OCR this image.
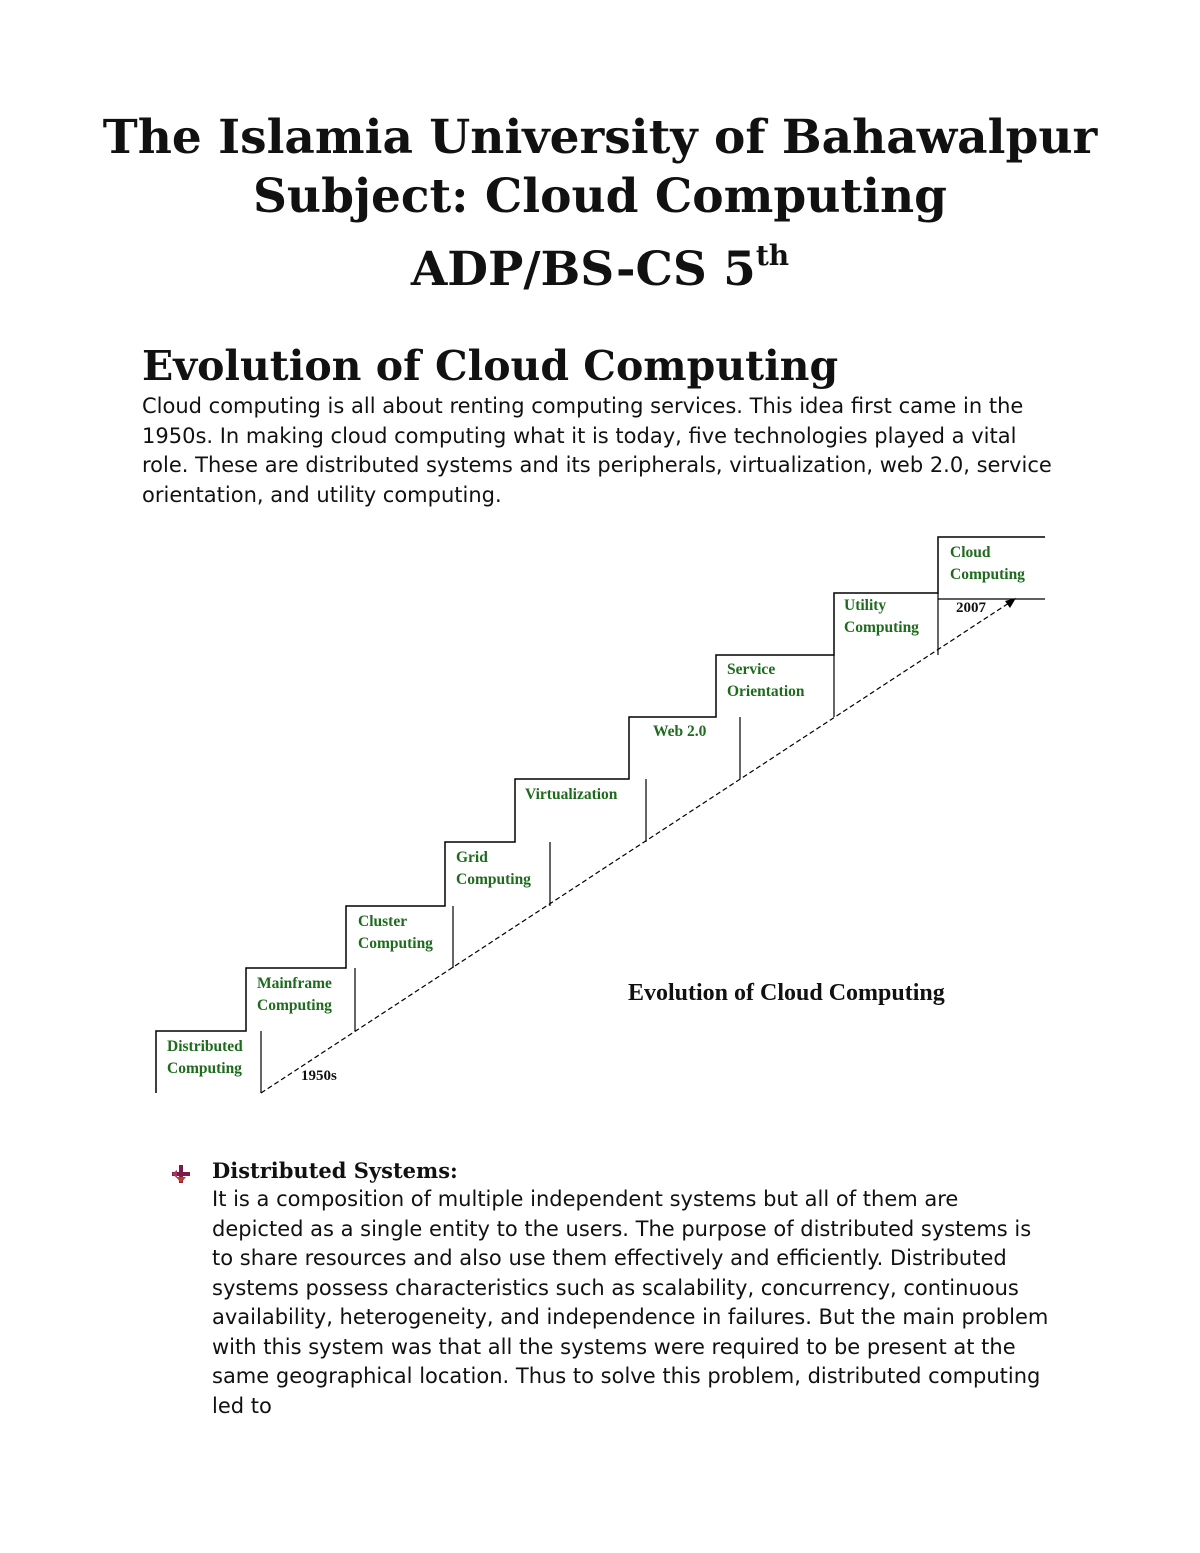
The Islamia University of Bahawalpur
Subject: Cloud Computing
ADP/BS-CS 5th
Evolution of Cloud Computing

Cloud computing is all about renting computing services. This idea first came in the 1950s. In making cloud computing what it is today, five technologies played a vital role. These are distributed systems and its peripherals, virtualization, web 2.0, service orientation, and utility computing.

Distributed
Computing
Mainframe
Computing
Cluster
Computing
Grid
Computing
Virtualization
Web 2.0
Service
Orientation
Utility
Computing
Cloud
Computing
1950s
2007
Evolution of Cloud Computing
Distributed Systems:

It is a composition of multiple independent systems but all of them are depicted as a single entity to the users. The purpose of distributed systems is to share resources and also use them effectively and efficiently. Distributed systems possess characteristics such as scalability, concurrency, continuous availability, heterogeneity, and independence in failures. But the main problem with this system was that all the systems were required to be present at the same geographical location. Thus to solve this problem, distributed computing led to
